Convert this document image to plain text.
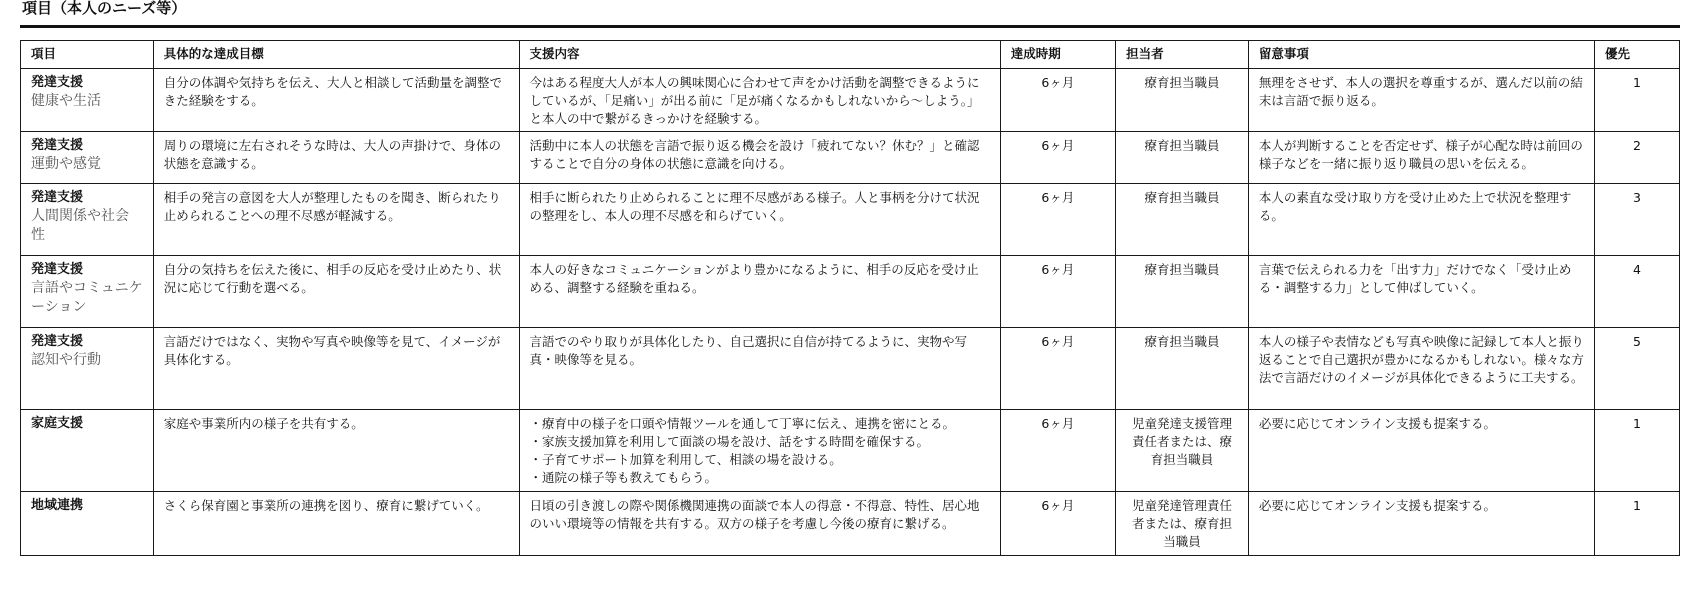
項目（本人のニーズ等）
項目	具体的な達成目標	支援内容	達成時期	担当者	留意事項	優先

発達支援
健康や生活	自分の体調や気持ちを伝え、大人と相談して活動量を調整できた経験をする。	今はある程度大人が本人の興味関心に合わせて声をかけ活動を調整できるようにしているが、「足痛い」が出る前に「足が痛くなるかもしれないから〜しよう。」と本人の中で繋がるきっかけを経験する。	6ヶ月	療育担当職員	無理をさせず、本人の選択を尊重するが、選んだ以前の結末は言語で振り返る。	1

発達支援
運動や感覚	周りの環境に左右されそうな時は、大人の声掛けで、身体の状態を意識する。	活動中に本人の状態を言語で振り返る機会を設け「疲れてない？休む？」と確認することで自分の身体の状態に意識を向ける。	6ヶ月	療育担当職員	本人が判断することを否定せず、様子が心配な時は前回の様子などを一緒に振り返り職員の思いを伝える。	2

発達支援
人間関係や社会性	相手の発言の意図を大人が整理したものを聞き、断られたり止められることへの理不尽感が軽減する。	相手に断られたり止められることに理不尽感がある様子。人と事柄を分けて状況の整理をし、本人の理不尽感を和らげていく。	6ヶ月	療育担当職員	本人の素直な受け取り方を受け止めた上で状況を整理する。	3

発達支援
言語やコミュニケーション	自分の気持ちを伝えた後に、相手の反応を受け止めたり、状況に応じて行動を選べる。	本人の好きなコミュニケーションがより豊かになるように、相手の反応を受け止める、調整する経験を重ねる。	6ヶ月	療育担当職員	言葉で伝えられる力を「出す力」だけでなく「受け止める・調整する力」として伸ばしていく。	4

発達支援
認知や行動	言語だけではなく、実物や写真や映像等を見て、イメージが具体化する。	言語でのやり取りが具体化したり、自己選択に自信が持てるように、実物や写真・映像等を見る。	6ヶ月	療育担当職員	本人の様子や表情なども写真や映像に記録して本人と振り返ることで自己選択が豊かになるかもしれない。様々な方法で言語だけのイメージが具体化できるように工夫する。	5

家庭支援	家庭や事業所内の様子を共有する。	・療育中の様子を口頭や情報ツールを通して丁寧に伝え、連携を密にとる。
・家族支援加算を利用して面談の場を設け、話をする時間を確保する。
・子育てサポート加算を利用して、相談の場を設ける。
・通院の様子等も教えてもらう。	6ヶ月	児童発達支援管理責任者または、療育担当職員	必要に応じてオンライン支援も提案する。	1

地域連携	さくら保育園と事業所の連携を図り、療育に繋げていく。	日頃の引き渡しの際や関係機関連携の面談で本人の得意・不得意、特性、居心地のいい環境等の情報を共有する。双方の様子を考慮し今後の療育に繋げる。	6ヶ月	児童発達管理責任者または、療育担当職員	必要に応じてオンライン支援も提案する。	1
